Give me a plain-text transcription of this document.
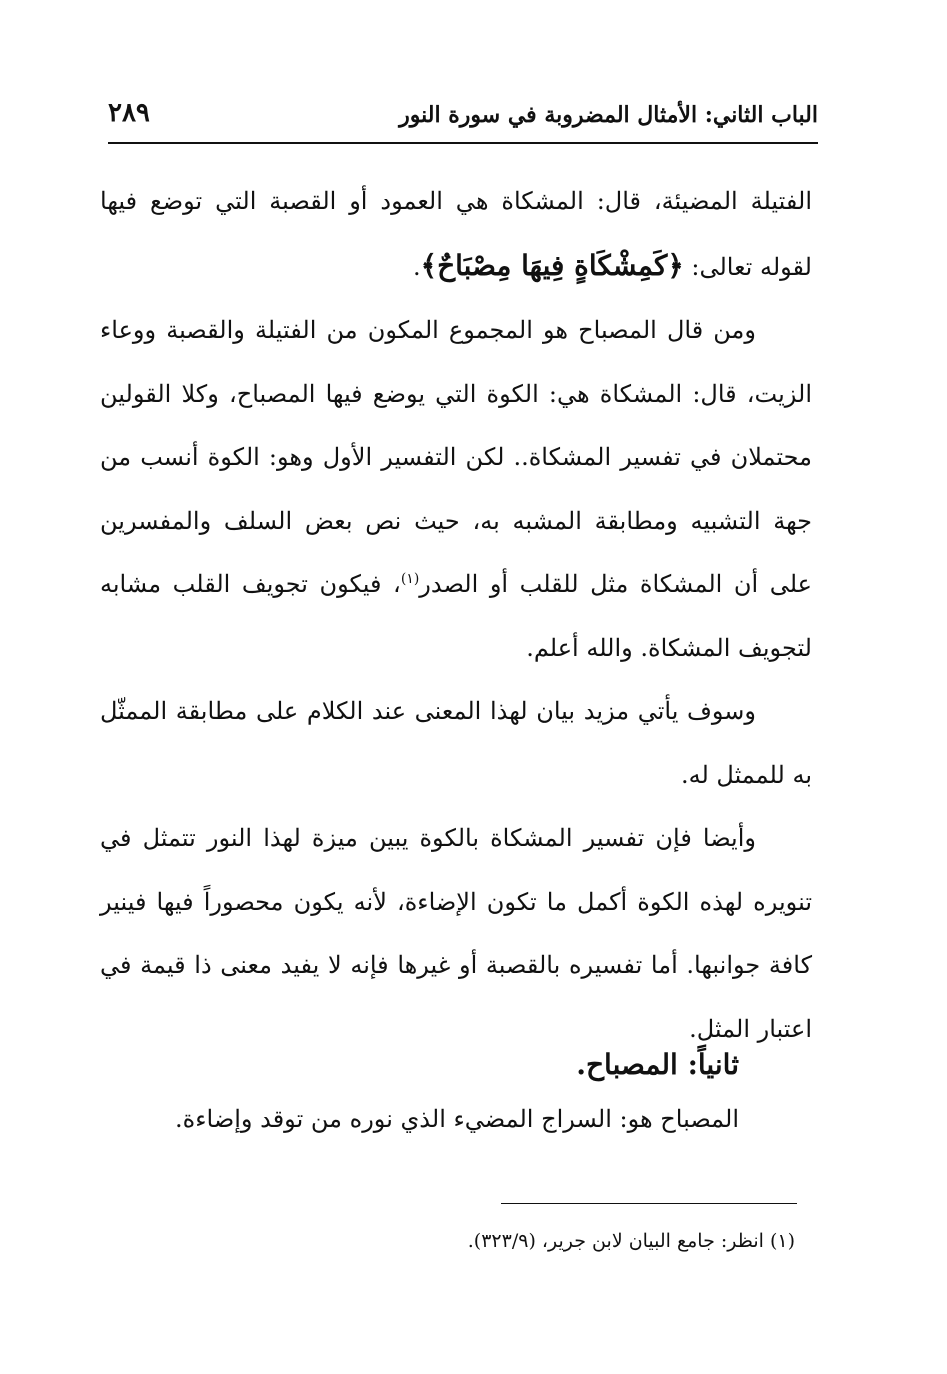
٢٨٩	الباب الثاني: الأمثال المضروبة في سورة النور

الفتيلة المضيئة، قال: المشكاة هي العمود أو القصبة التي توضع فيها لقوله تعالى: ﴿كَمِشْكَاةٍ فِيهَا مِصْبَاحٌ﴾.

ومن قال المصباح هو المجموع المكون من الفتيلة والقصبة ووعاء الزيت، قال: المشكاة هي: الكوة التي يوضع فيها المصباح، وكلا القولين محتملان في تفسير المشكاة.. لكن التفسير الأول وهو: الكوة أنسب من جهة التشبيه ومطابقة المشبه به، حيث نص بعض السلف والمفسرين على أن المشكاة مثل للقلب أو الصدر$^{(١)}$، فيكون تجويف القلب مشابه لتجويف المشكاة. والله أعلم.

وسوف يأتي مزيد بيان لهذا المعنى عند الكلام على مطابقة الممثّل به للممثل له.

وأيضا فإن تفسير المشكاة بالكوة يبين ميزة لهذا النور تتمثل في تنويره لهذه الكوة أكمل ما تكون الإضاءة، لأنه يكون محصوراً فيها فينير كافة جوانبها. أما تفسيره بالقصبة أو غيرها فإنه لا يفيد معنى ذا قيمة في اعتبار المثل.

ثانياً: المصباح.
المصباح هو: السراج المضيء الذي نوره من توقد وإضاءة.
(١) انظر: جامع البيان لابن جرير، (٣٢٣/٩).
